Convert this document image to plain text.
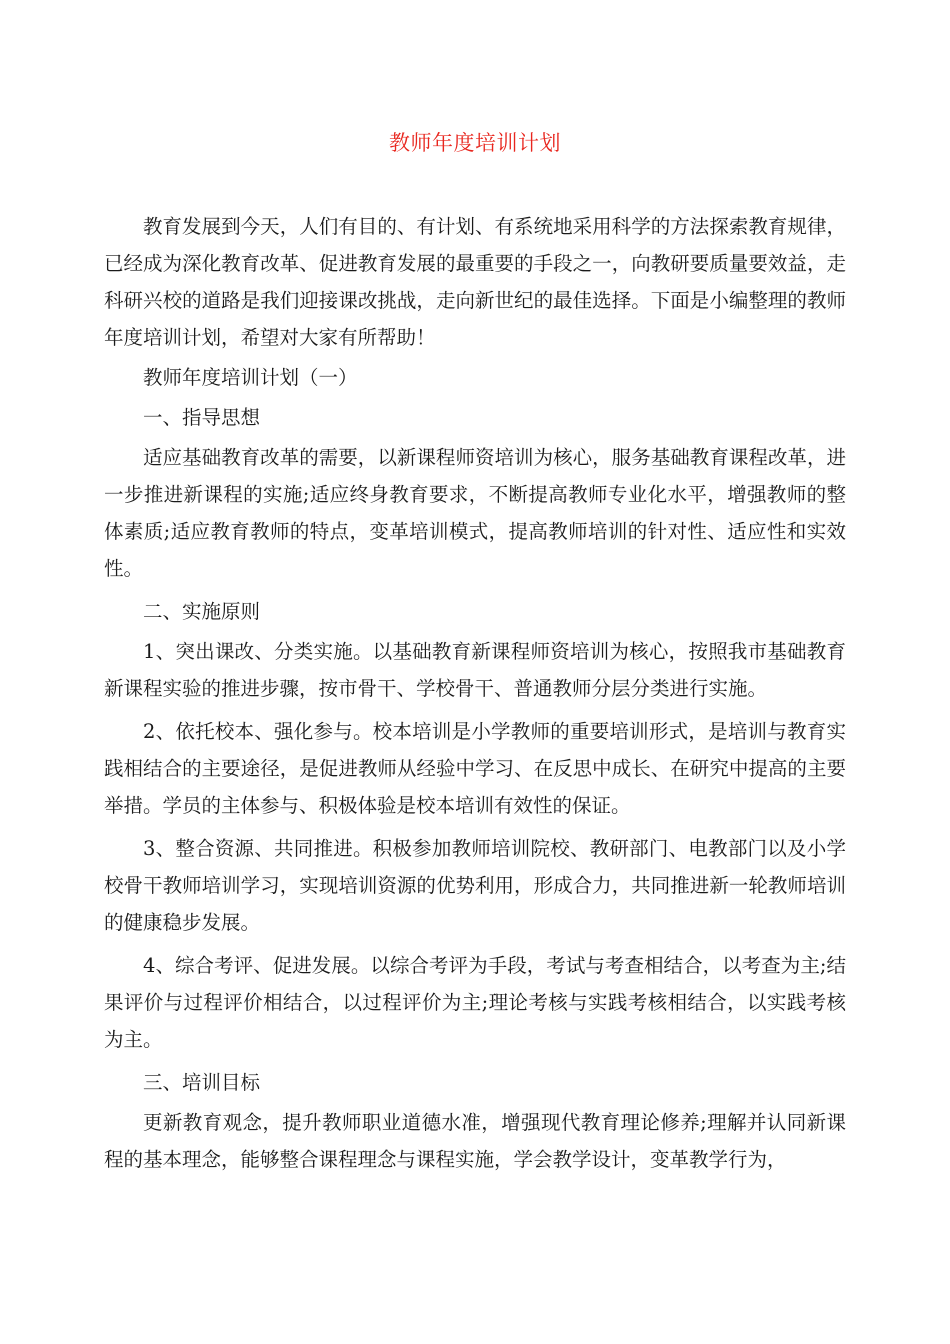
教师年度培训计划

教育发展到今天，人们有目的、有计划、有系统地采用科学的方法探索教育规律，已经成为深化教育改革、促进教育发展的最重要的手段之一，向教研要质量要效益，走科研兴校的道路是我们迎接课改挑战，走向新世纪的最佳选择。下面是小编整理的教师年度培训计划，希望对大家有所帮助！

教师年度培训计划（一）

一、指导思想

适应基础教育改革的需要，以新课程师资培训为核心，服务基础教育课程改革，进一步推进新课程的实施;适应终身教育要求，不断提高教师专业化水平，增强教师的整体素质;适应教育教师的特点，变革培训模式，提高教师培训的针对性、适应性和实效性。

二、实施原则

1、突出课改、分类实施。以基础教育新课程师资培训为核心，按照我市基础教育新课程实验的推进步骤，按市骨干、学校骨干、普通教师分层分类进行实施。

2、依托校本、强化参与。校本培训是小学教师的重要培训形式，是培训与教育实践相结合的主要途径，是促进教师从经验中学习、在反思中成长、在研究中提高的主要举措。学员的主体参与、积极体验是校本培训有效性的保证。

3、整合资源、共同推进。积极参加教师培训院校、教研部门、电教部门以及小学校骨干教师培训学习，实现培训资源的优势利用，形成合力，共同推进新一轮教师培训的健康稳步发展。

4、综合考评、促进发展。以综合考评为手段，考试与考查相结合，以考查为主;结果评价与过程评价相结合，以过程评价为主;理论考核与实践考核相结合，以实践考核为主。

三、培训目标

更新教育观念，提升教师职业道德水准，增强现代教育理论修养;理解并认同新课程的基本理念，能够整合课程理念与课程实施，学会教学设计，变革教学行为，
